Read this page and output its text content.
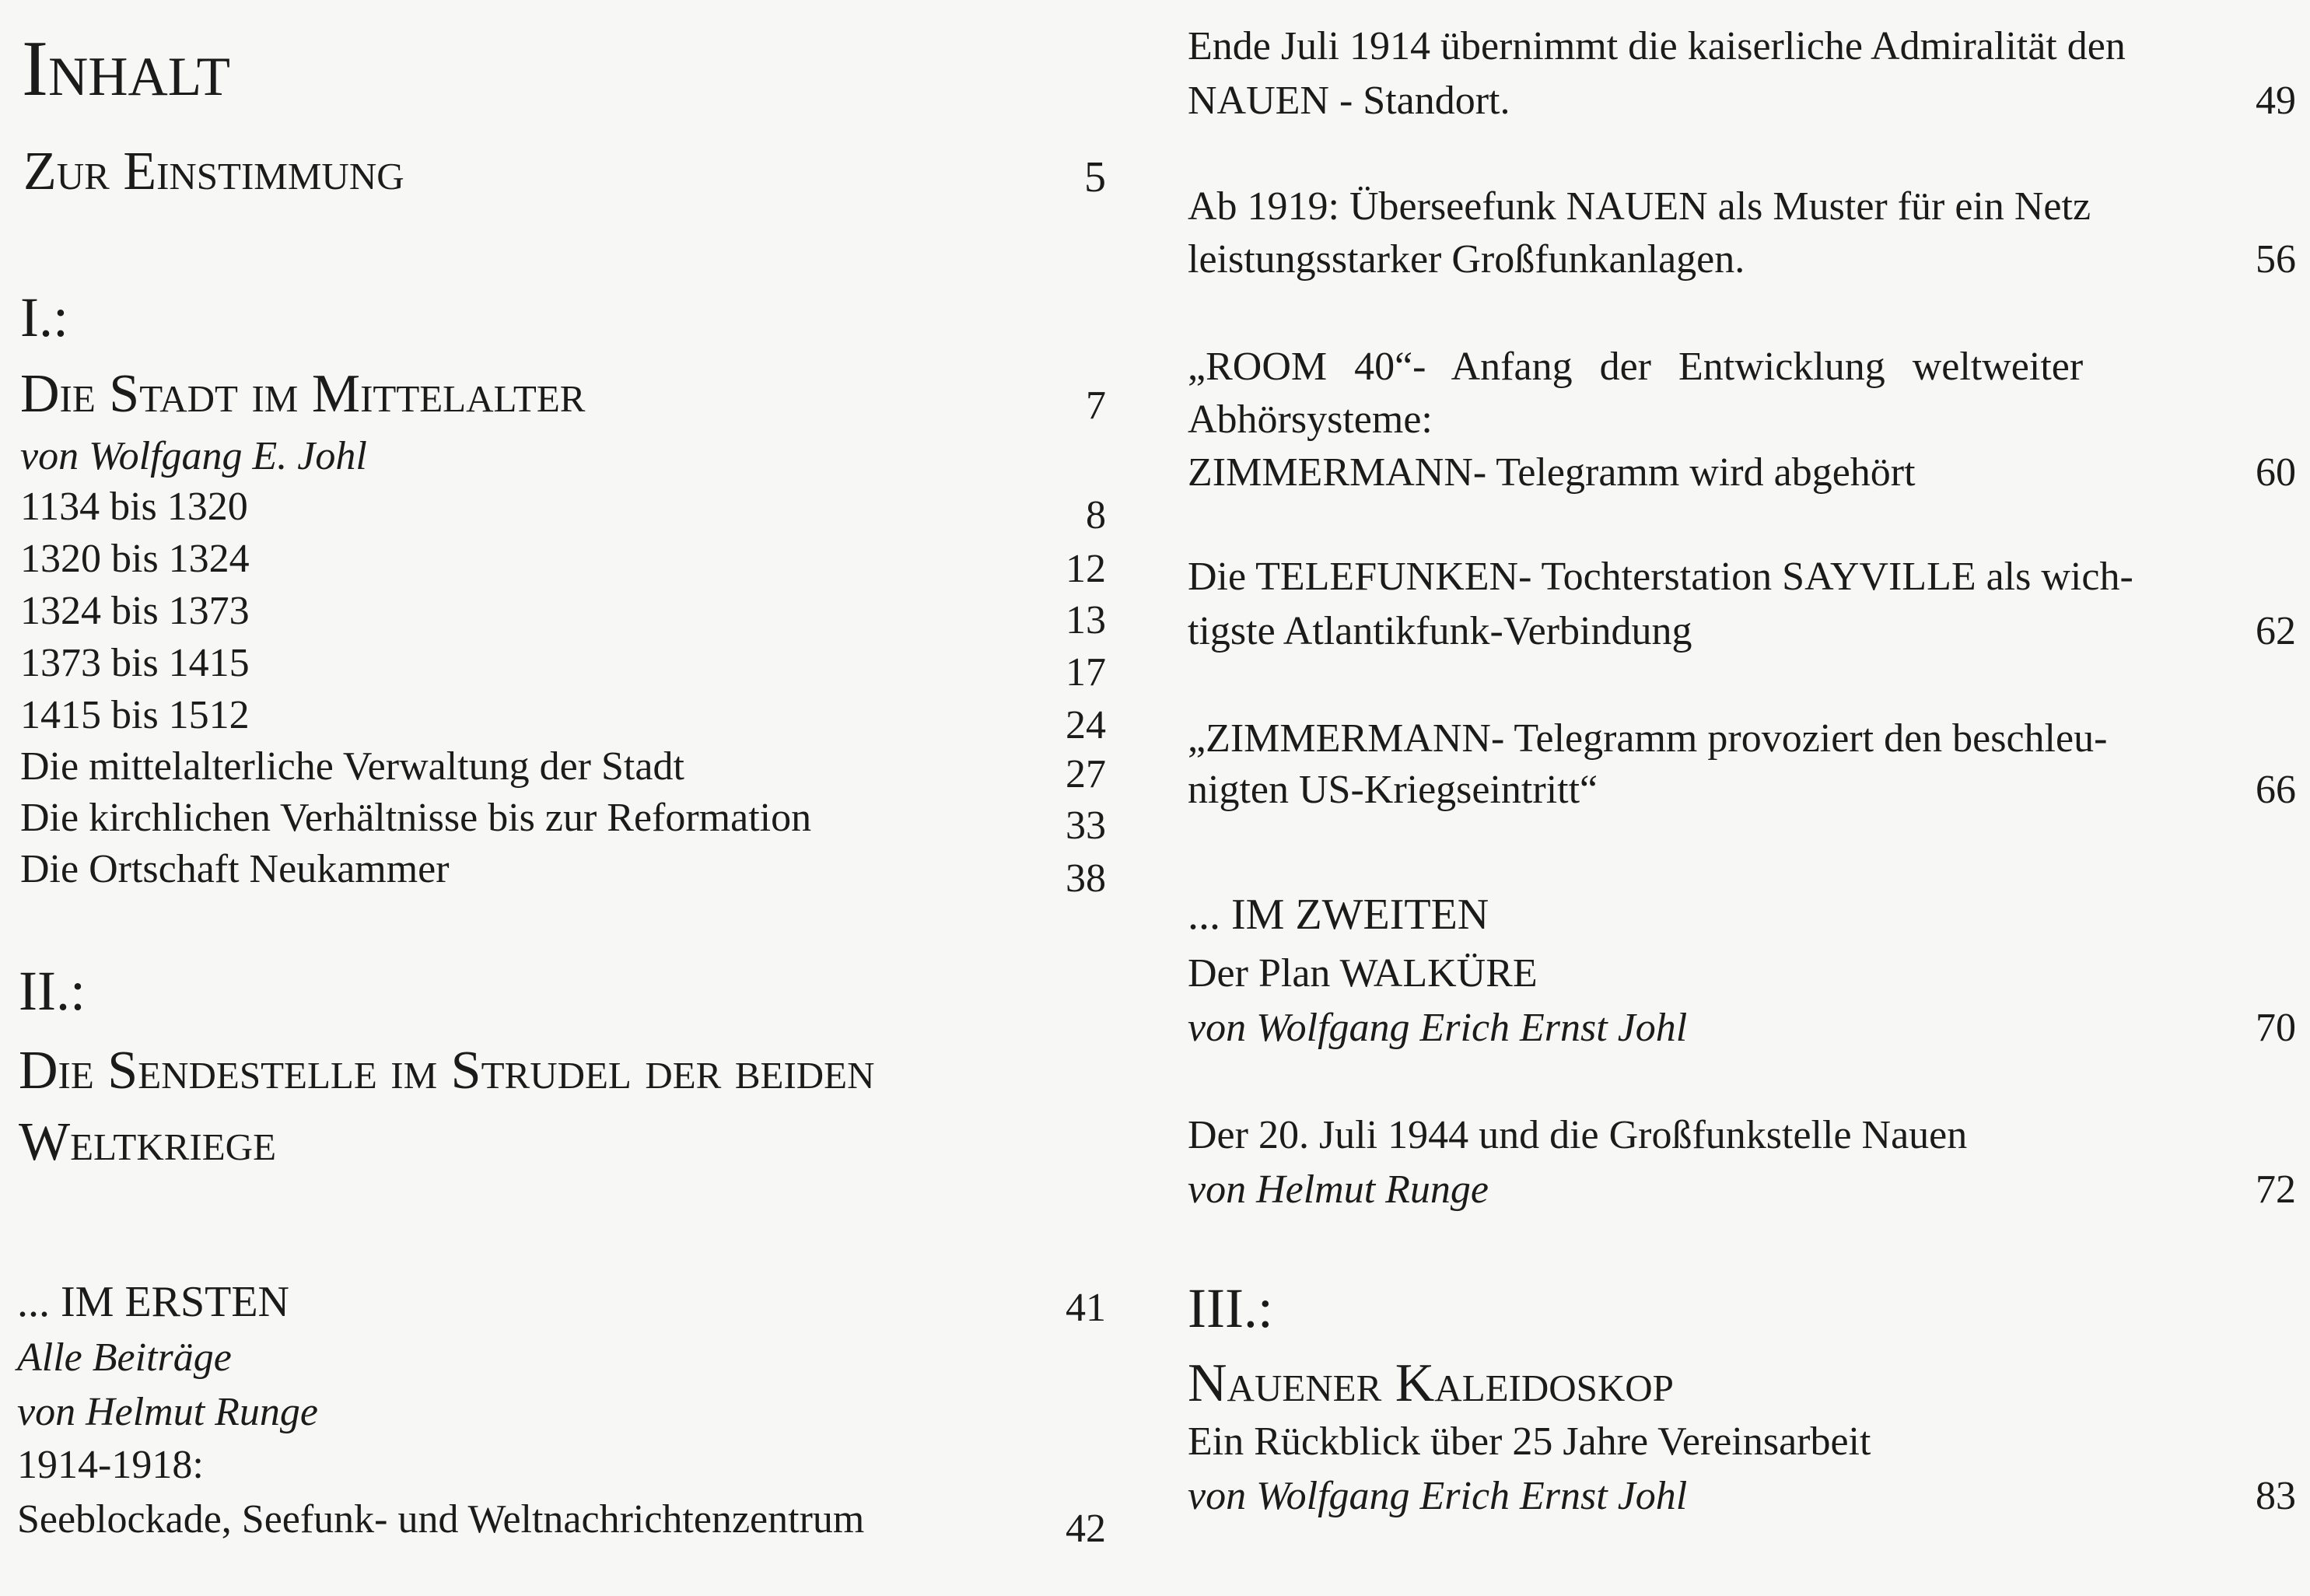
Inhalt
Zur Einstimmung	5
I.:
Die Stadt im Mittelalter	7
von Wolfgang E. Johl
1134 bis 1320	8
1320 bis 1324	12
1324 bis 1373	13
1373 bis 1415	17
1415 bis 1512	24
Die mittelalterliche Verwaltung der Stadt	27
Die kirchlichen Verhältnisse bis zur Reformation	33
Die Ortschaft Neukammer	38
II.:
Die Sendestelle im Strudel der beiden
Weltkriege
... IM ERSTEN	41
Alle Beiträge
von Helmut Runge
1914-1918:
Seeblockade, Seefunk- und Weltnachrichtenzentrum	42
Ende Juli 1914 übernimmt die kaiserliche Admiralität den
NAUEN - Standort.	49
Ab 1919: Überseefunk NAUEN als Muster für ein Netz
leistungsstarker Großfunkanlagen.	56
„ROOM 40“- Anfang der Entwicklung weltweiter
Abhörsysteme:
ZIMMERMANN- Telegramm wird abgehört	60
Die TELEFUNKEN- Tochterstation SAYVILLE als wich-
tigste Atlantikfunk-Verbindung	62
„ZIMMERMANN- Telegramm provoziert den beschleu-
nigten US-Kriegseintritt“	66
... IM ZWEITEN
Der Plan WALKÜRE
von Wolfgang Erich Ernst Johl	70
Der 20. Juli 1944 und die Großfunkstelle Nauen
von Helmut Runge	72
III.:
Nauener Kaleidoskop
Ein Rückblick über 25 Jahre Vereinsarbeit
von Wolfgang Erich Ernst Johl	83
